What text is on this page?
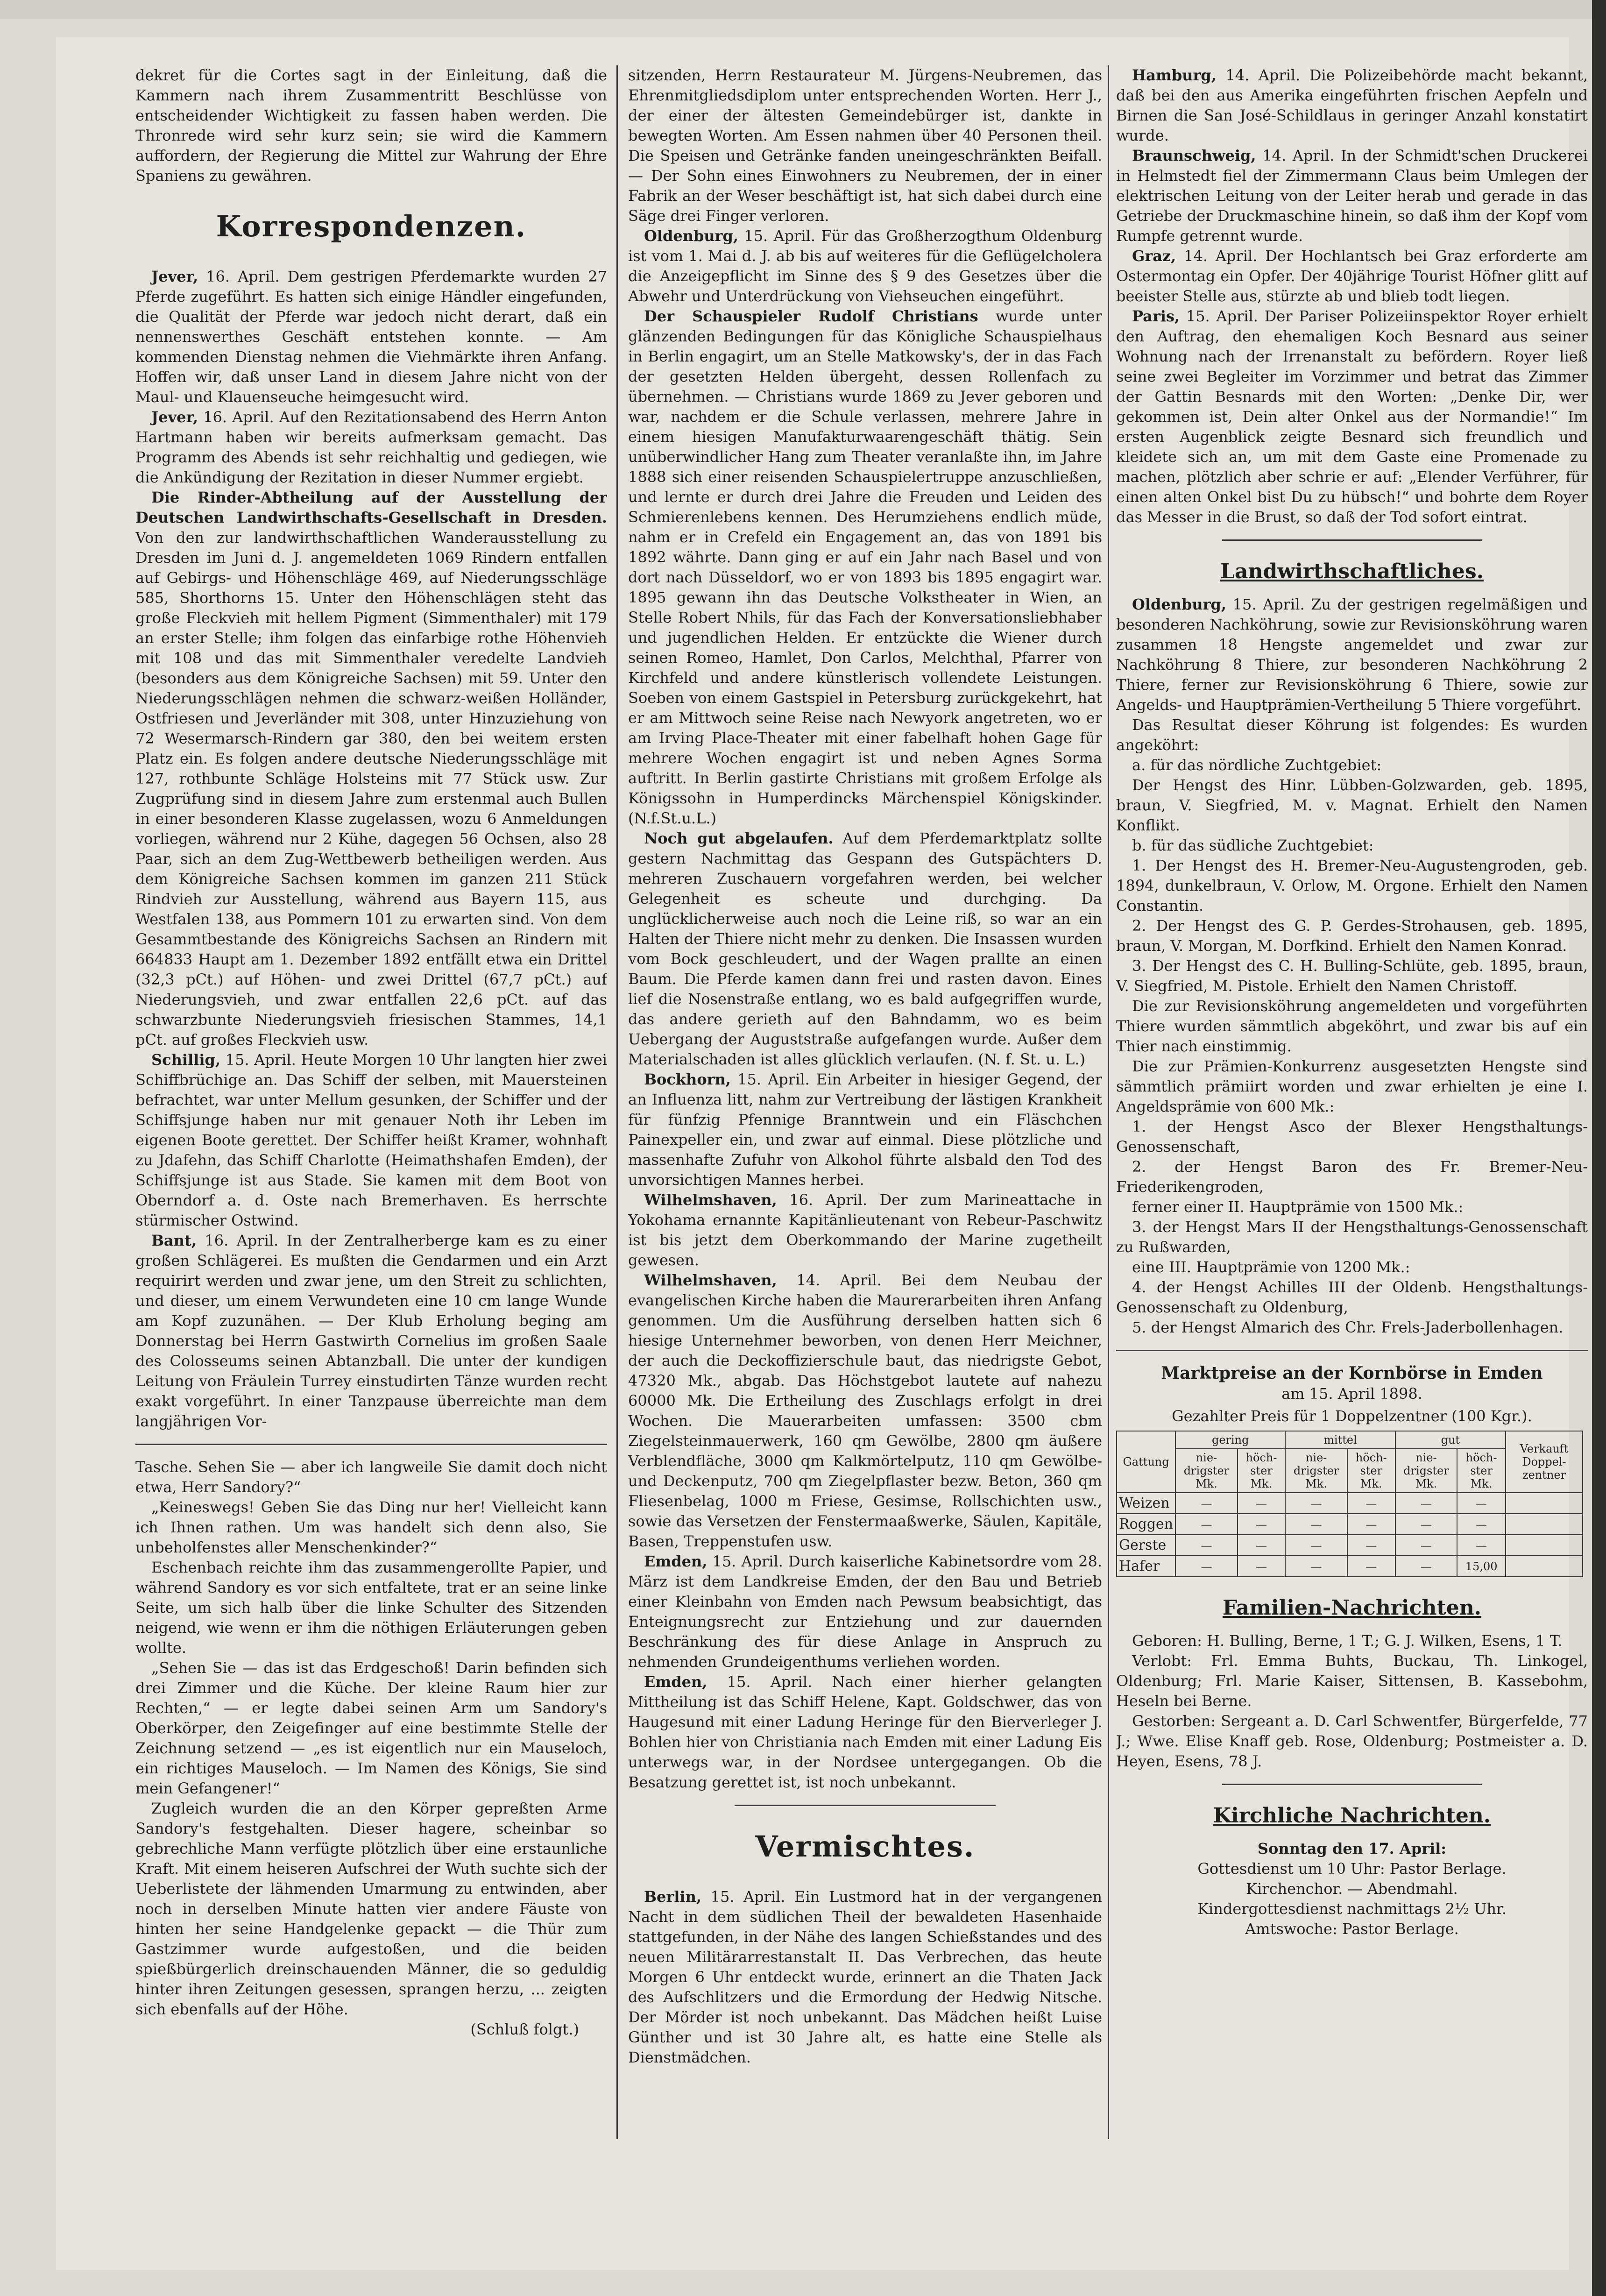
dekret für die Cortes sagt in der Einleitung, daß die Kammern nach ihrem Zusammentritt Beschlüsse von entscheidender Wichtigkeit zu fassen haben werden. Die Thronrede wird sehr kurz sein; sie wird die Kammern auffordern, der Regierung die Mittel zur Wahrung der Ehre Spaniens zu gewähren.

Korrespondenzen.

Jever, 16. April. Dem gestrigen Pferdemarkte wurden 27 Pferde zugeführt. Es hatten sich einige Händler eingefunden, die Qualität der Pferde war jedoch nicht derart, daß ein nennenswerthes Geschäft entstehen konnte. — Am kommenden Dienstag nehmen die Viehmärkte ihren Anfang. Hoffen wir, daß unser Land in diesem Jahre nicht von der Maul- und Klauenseuche heimgesucht wird.

Jever, 16. April. Auf den Rezitationsabend des Herrn Anton Hartmann haben wir bereits aufmerksam gemacht. Das Programm des Abends ist sehr reichhaltig und gediegen, wie die Ankündigung der Rezitation in dieser Nummer ergiebt.

Die Rinder-Abtheilung auf der Ausstellung der Deutschen Landwirthschafts-Gesellschaft in Dresden. Von den zur landwirthschaftlichen Wanderausstellung zu Dresden im Juni d. J. angemeldeten 1069 Rindern entfallen auf Gebirgs- und Höhenschläge 469, auf Niederungsschläge 585, Shorthorns 15. Unter den Höhenschlägen steht das große Fleckvieh mit hellem Pigment (Simmenthaler) mit 179 an erster Stelle; ihm folgen das einfarbige rothe Höhenvieh mit 108 und das mit Simmenthaler veredelte Landvieh (besonders aus dem Königreiche Sachsen) mit 59. Unter den Niederungsschlägen nehmen die schwarz-weißen Holländer, Ostfriesen und Jeverländer mit 308, unter Hinzuziehung von 72 Wesermarsch-Rindern gar 380, den bei weitem ersten Platz ein. Es folgen andere deutsche Niederungsschläge mit 127, rothbunte Schläge Holsteins mit 77 Stück usw. Zur Zugprüfung sind in diesem Jahre zum erstenmal auch Bullen in einer besonderen Klasse zugelassen, wozu 6 Anmeldungen vorliegen, während nur 2 Kühe, dagegen 56 Ochsen, also 28 Paar, sich an dem Zug-Wettbewerb betheiligen werden. Aus dem Königreiche Sachsen kommen im ganzen 211 Stück Rindvieh zur Ausstellung, während aus Bayern 115, aus Westfalen 138, aus Pommern 101 zu erwarten sind. Von dem Gesammtbestande des Königreichs Sachsen an Rindern mit 664833 Haupt am 1. Dezember 1892 entfällt etwa ein Drittel (32,3 pCt.) auf Höhen- und zwei Drittel (67,7 pCt.) auf Niederungsvieh, und zwar entfallen 22,6 pCt. auf das schwarzbunte Niederungsvieh friesischen Stammes, 14,1 pCt. auf großes Fleckvieh usw.

Schillig, 15. April. Heute Morgen 10 Uhr langten hier zwei Schiffbrüchige an. Das Schiff der selben, mit Mauersteinen befrachtet, war unter Mellum gesunken, der Schiffer und der Schiffsjunge haben nur mit genauer Noth ihr Leben im eigenen Boote gerettet. Der Schiffer heißt Kramer, wohnhaft zu Jdafehn, das Schiff Charlotte (Heimathshafen Emden), der Schiffsjunge ist aus Stade. Sie kamen mit dem Boot von Oberndorf a. d. Oste nach Bremerhaven. Es herrschte stürmischer Ostwind.

Bant, 16. April. In der Zentralherberge kam es zu einer großen Schlägerei. Es mußten die Gendarmen und ein Arzt requirirt werden und zwar jene, um den Streit zu schlichten, und dieser, um einem Verwundeten eine 10 cm lange Wunde am Kopf zuzunähen. — Der Klub Erholung beging am Donnerstag bei Herrn Gastwirth Cornelius im großen Saale des Colosseums seinen Abtanzball. Die unter der kundigen Leitung von Fräulein Turrey einstudirten Tänze wurden recht exakt vorgeführt. In einer Tanzpause überreichte man dem langjährigen Vor-

Tasche. Sehen Sie — aber ich langweile Sie damit doch nicht etwa, Herr Sandory?“

„Keineswegs! Geben Sie das Ding nur her! Vielleicht kann ich Ihnen rathen. Um was handelt sich denn also, Sie unbeholfenstes aller Menschenkinder?“

Eschenbach reichte ihm das zusammengerollte Papier, und während Sandory es vor sich entfaltete, trat er an seine linke Seite, um sich halb über die linke Schulter des Sitzenden neigend, wie wenn er ihm die nöthigen Erläuterungen geben wollte.

„Sehen Sie — das ist das Erdgeschoß! Darin befinden sich drei Zimmer und die Küche. Der kleine Raum hier zur Rechten,“ — er legte dabei seinen Arm um Sandory's Oberkörper, den Zeigefinger auf eine bestimmte Stelle der Zeichnung setzend — „es ist eigentlich nur ein Mauseloch, ein richtiges Mauseloch. — Im Namen des Königs, Sie sind mein Gefangener!“

Zugleich wurden die an den Körper gepreßten Arme Sandory's festgehalten. Dieser hagere, scheinbar so gebrechliche Mann verfügte plötzlich über eine erstaunliche Kraft. Mit einem heiseren Aufschrei der Wuth suchte sich der Ueberlistete der lähmenden Umarmung zu entwinden, aber noch in derselben Minute hatten vier andere Fäuste von hinten her seine Handgelenke gepackt — die Thür zum Gastzimmer wurde aufgestoßen, und die beiden spießbürgerlich dreinschauenden Männer, die so geduldig hinter ihren Zeitungen gesessen, sprangen herzu, ... zeigten sich ebenfalls auf der Höhe.

(Schluß folgt.)

sitzenden, Herrn Restaurateur M. Jürgens-Neubremen, das Ehrenmitgliedsdiplom unter entsprechenden Worten. Herr J., der einer der ältesten Gemeindebürger ist, dankte in bewegten Worten. Am Essen nahmen über 40 Personen theil. Die Speisen und Getränke fanden uneingeschränkten Beifall. — Der Sohn eines Einwohners zu Neubremen, der in einer Fabrik an der Weser beschäftigt ist, hat sich dabei durch eine Säge drei Finger verloren.

Oldenburg, 15. April. Für das Großherzogthum Oldenburg ist vom 1. Mai d. J. ab bis auf weiteres für die Geflügelcholera die Anzeigepflicht im Sinne des § 9 des Gesetzes über die Abwehr und Unterdrückung von Viehseuchen eingeführt.

Der Schauspieler Rudolf Christians wurde unter glänzenden Bedingungen für das Königliche Schauspielhaus in Berlin engagirt, um an Stelle Matkowsky's, der in das Fach der gesetzten Helden übergeht, dessen Rollenfach zu übernehmen. — Christians wurde 1869 zu Jever geboren und war, nachdem er die Schule verlassen, mehrere Jahre in einem hiesigen Manufakturwaarengeschäft thätig. Sein unüberwindlicher Hang zum Theater veranlaßte ihn, im Jahre 1888 sich einer reisenden Schauspielertruppe anzuschließen, und lernte er durch drei Jahre die Freuden und Leiden des Schmierenlebens kennen. Des Herumziehens endlich müde, nahm er in Crefeld ein Engagement an, das von 1891 bis 1892 währte. Dann ging er auf ein Jahr nach Basel und von dort nach Düsseldorf, wo er von 1893 bis 1895 engagirt war. 1895 gewann ihn das Deutsche Volkstheater in Wien, an Stelle Robert Nhils, für das Fach der Konversationsliebhaber und jugendlichen Helden. Er entzückte die Wiener durch seinen Romeo, Hamlet, Don Carlos, Melchthal, Pfarrer von Kirchfeld und andere künstlerisch vollendete Leistungen. Soeben von einem Gastspiel in Petersburg zurückgekehrt, hat er am Mittwoch seine Reise nach Newyork angetreten, wo er am Irving Place-Theater mit einer fabelhaft hohen Gage für mehrere Wochen engagirt ist und neben Agnes Sorma auftritt. In Berlin gastirte Christians mit großem Erfolge als Königssohn in Humperdincks Märchenspiel Königskinder. (N.f.St.u.L.)

Noch gut abgelaufen. Auf dem Pferdemarktplatz sollte gestern Nachmittag das Gespann des Gutspächters D. mehreren Zuschauern vorgefahren werden, bei welcher Gelegenheit es scheute und durchging. Da unglücklicherweise auch noch die Leine riß, so war an ein Halten der Thiere nicht mehr zu denken. Die Insassen wurden vom Bock geschleudert, und der Wagen prallte an einen Baum. Die Pferde kamen dann frei und rasten davon. Eines lief die Nosenstraße entlang, wo es bald aufgegriffen wurde, das andere gerieth auf den Bahndamm, wo es beim Uebergang der Auguststraße aufgefangen wurde. Außer dem Materialschaden ist alles glücklich verlaufen. (N. f. St. u. L.)

Bockhorn, 15. April. Ein Arbeiter in hiesiger Gegend, der an Influenza litt, nahm zur Vertreibung der lästigen Krankheit für fünfzig Pfennige Branntwein und ein Fläschchen Painexpeller ein, und zwar auf einmal. Diese plötzliche und massenhafte Zufuhr von Alkohol führte alsbald den Tod des unvorsichtigen Mannes herbei.

Wilhelmshaven, 16. April. Der zum Marineattache in Yokohama ernannte Kapitänlieutenant von Rebeur-Paschwitz ist bis jetzt dem Oberkommando der Marine zugetheilt gewesen.

Wilhelmshaven, 14. April. Bei dem Neubau der evangelischen Kirche haben die Maurerarbeiten ihren Anfang genommen. Um die Ausführung derselben hatten sich 6 hiesige Unternehmer beworben, von denen Herr Meichner, der auch die Deckoffizierschule baut, das niedrigste Gebot, 47320 Mk., abgab. Das Höchstgebot lautete auf nahezu 60000 Mk. Die Ertheilung des Zuschlags erfolgt in drei Wochen. Die Mauerarbeiten umfassen: 3500 cbm Ziegelsteinmauerwerk, 160 qm Gewölbe, 2800 qm äußere Verblendfläche, 3000 qm Kalkmörtelputz, 110 qm Gewölbe- und Deckenputz, 700 qm Ziegelpflaster bezw. Beton, 360 qm Fliesenbelag, 1000 m Friese, Gesimse, Rollschichten usw., sowie das Versetzen der Fenstermaaßwerke, Säulen, Kapitäle, Basen, Treppenstufen usw.

Emden, 15. April. Durch kaiserliche Kabinetsordre vom 28. März ist dem Landkreise Emden, der den Bau und Betrieb einer Kleinbahn von Emden nach Pewsum beabsichtigt, das Enteignungsrecht zur Entziehung und zur dauernden Beschränkung des für diese Anlage in Anspruch zu nehmenden Grundeigenthums verliehen worden.

Emden, 15. April. Nach einer hierher gelangten Mittheilung ist das Schiff Helene, Kapt. Goldschwer, das von Haugesund mit einer Ladung Heringe für den Bierverleger J. Bohlen hier von Christiania nach Emden mit einer Ladung Eis unterwegs war, in der Nordsee untergegangen. Ob die Besatzung gerettet ist, ist noch unbekannt.

Vermischtes.

Berlin, 15. April. Ein Lustmord hat in der vergangenen Nacht in dem südlichen Theil der bewaldeten Hasenhaide stattgefunden, in der Nähe des langen Schießstandes und des neuen Militärarrestanstalt II. Das Verbrechen, das heute Morgen 6 Uhr entdeckt wurde, erinnert an die Thaten Jack des Aufschlitzers und die Ermordung der Hedwig Nitsche. Der Mörder ist noch unbekannt. Das Mädchen heißt Luise Günther und ist 30 Jahre alt, es hatte eine Stelle als Dienstmädchen.

Hamburg, 14. April. Die Polizeibehörde macht bekannt, daß bei den aus Amerika eingeführten frischen Aepfeln und Birnen die San José-Schildlaus in geringer Anzahl konstatirt wurde.

Braunschweig, 14. April. In der Schmidt'schen Druckerei in Helmstedt fiel der Zimmermann Claus beim Umlegen der elektrischen Leitung von der Leiter herab und gerade in das Getriebe der Druckmaschine hinein, so daß ihm der Kopf vom Rumpfe getrennt wurde.

Graz, 14. April. Der Hochlantsch bei Graz erforderte am Ostermontag ein Opfer. Der 40jährige Tourist Höfner glitt auf beeister Stelle aus, stürzte ab und blieb todt liegen.

Paris, 15. April. Der Pariser Polizeiinspektor Royer erhielt den Auftrag, den ehemaligen Koch Besnard aus seiner Wohnung nach der Irrenanstalt zu befördern. Royer ließ seine zwei Begleiter im Vorzimmer und betrat das Zimmer der Gattin Besnards mit den Worten: „Denke Dir, wer gekommen ist, Dein alter Onkel aus der Normandie!“ Im ersten Augenblick zeigte Besnard sich freundlich und kleidete sich an, um mit dem Gaste eine Promenade zu machen, plötzlich aber schrie er auf: „Elender Verführer, für einen alten Onkel bist Du zu hübsch!“ und bohrte dem Royer das Messer in die Brust, so daß der Tod sofort eintrat.

Landwirthschaftliches.

Oldenburg, 15. April. Zu der gestrigen regelmäßigen und besonderen Nachköhrung, sowie zur Revisionsköhrung waren zusammen 18 Hengste angemeldet und zwar zur Nachköhrung 8 Thiere, zur besonderen Nachköhrung 2 Thiere, ferner zur Revisionsköhrung 6 Thiere, sowie zur Angelds- und Hauptprämien-Vertheilung 5 Thiere vorgeführt.

Das Resultat dieser Köhrung ist folgendes: Es wurden angeköhrt:

a. für das nördliche Zuchtgebiet:

Der Hengst des Hinr. Lübben-Golzwarden, geb. 1895, braun, V. Siegfried, M. v. Magnat. Erhielt den Namen Konflikt.

b. für das südliche Zuchtgebiet:

1. Der Hengst des H. Bremer-Neu-Augustengroden, geb. 1894, dunkelbraun, V. Orlow, M. Orgone. Erhielt den Namen Constantin.

2. Der Hengst des G. P. Gerdes-Strohausen, geb. 1895, braun, V. Morgan, M. Dorfkind. Erhielt den Namen Konrad.

3. Der Hengst des C. H. Bulling-Schlüte, geb. 1895, braun, V. Siegfried, M. Pistole. Erhielt den Namen Christoff.

Die zur Revisionsköhrung angemeldeten und vorgeführten Thiere wurden sämmtlich abgeköhrt, und zwar bis auf ein Thier nach einstimmig.

Die zur Prämien-Konkurrenz ausgesetzten Hengste sind sämmtlich prämiirt worden und zwar erhielten je eine I. Angeldsprämie von 600 Mk.:

1. der Hengst Asco der Blexer Hengsthaltungs-Genossenschaft,

2. der Hengst Baron des Fr. Bremer-Neu-Friederikengroden,

ferner einer II. Hauptprämie von 1500 Mk.:

3. der Hengst Mars II der Hengsthaltungs-Genossenschaft zu Rußwarden,

eine III. Hauptprämie von 1200 Mk.:

4. der Hengst Achilles III der Oldenb. Hengsthaltungs-Genossenschaft zu Oldenburg,

5. der Hengst Almarich des Chr. Frels-Jaderbollenhagen.

Marktpreise an der Kornbörse in Emden
am 15. April 1898.
Gezahlter Preis für 1 Doppelzentner (100 Kgr.).
Gattung	gering		mittel		gut		Verkauft Doppelzentner
	niedrigster Mk.	höchster Mk.	niedrigster Mk.	höchster Mk.	niedrigster Mk.	höchster Mk.	
Weizen	—	—	—	—	—	—	
Roggen	—	—	—	—	—	—	
Gerste	—	—	—	—	—	—	
Hafer	—	—	—	—	—	15,00	
Familien-Nachrichten.

Geboren: H. Bulling, Berne, 1 T.; G. J. Wilken, Esens, 1 T.

Verlobt: Frl. Emma Buhts, Buckau, Th. Linkogel, Oldenburg; Frl. Marie Kaiser, Sittensen, B. Kassebohm, Heseln bei Berne.

Gestorben: Sergeant a. D. Carl Schwentfer, Bürgerfelde, 77 J.; Wwe. Elise Knaff geb. Rose, Oldenburg; Postmeister a. D. Heyen, Esens, 78 J.

Kirchliche Nachrichten.

Sonntag den 17. April:

Gottesdienst um 10 Uhr: Pastor Berlage.

Kirchenchor. — Abendmahl.

Kindergottesdienst nachmittags 2½ Uhr.

Amtswoche: Pastor Berlage.
